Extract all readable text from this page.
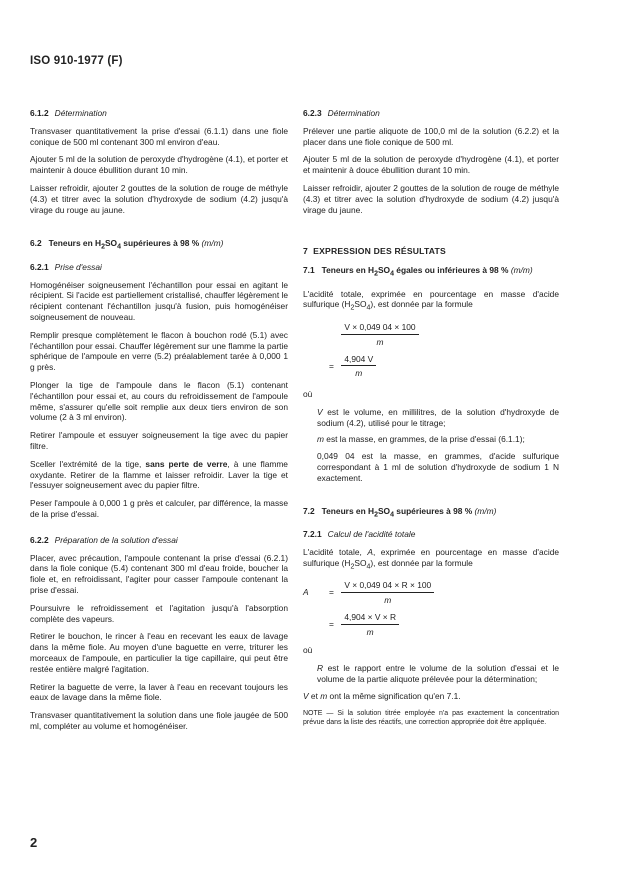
ISO 910-1977 (F)
6.1.2 Détermination

Transvaser quantitativement la prise d'essai (6.1.1) dans une fiole conique de 500 ml contenant 300 ml environ d'eau.

Ajouter 5 ml de la solution de peroxyde d'hydrogène (4.1), et porter et maintenir à douce ébullition durant 10 min.

Laisser refroidir, ajouter 2 gouttes de la solution de rouge de méthyle (4.3) et titrer avec la solution d'hydroxyde de sodium (4.2) jusqu'à virage du rouge au jaune.

6.2 Teneurs en $H_2SO_4$ supérieures à 98 % (m/m)
6.2.1 Prise d'essai

Homogénéiser soigneusement l'échantillon pour essai en agitant le récipient. Si l'acide est partiellement cristallisé, chauffer légèrement le récipient contenant l'échantillon jusqu'à fusion, puis homogénéiser soigneusement de nouveau.

Remplir presque complètement le flacon à bouchon rodé (5.1) avec l'échantillon pour essai. Chauffer légèrement sur une flamme la partie sphérique de l'ampoule en verre (5.2) préalablement tarée à 0,000 1 g près.

Plonger la tige de l'ampoule dans le flacon (5.1) contenant l'échantillon pour essai et, au cours du refroidissement de l'ampoule même, s'assurer qu'elle soit remplie aux deux tiers environ de son volume (2 à 3 ml environ).

Retirer l'ampoule et essuyer soigneusement la tige avec du papier filtre.

Sceller l'extrémité de la tige, sans perte de verre, à une flamme oxydante. Retirer de la flamme et laisser refroidir. Laver la tige et l'essuyer soigneusement avec du papier filtre.

Peser l'ampoule à 0,000 1 g près et calculer, par différence, la masse de la prise d'essai.

6.2.2 Préparation de la solution d'essai

Placer, avec précaution, l'ampoule contenant la prise d'essai (6.2.1) dans la fiole conique (5.4) contenant 300 ml d'eau froide, boucher la fiole et, en refroidissant, l'agiter pour casser l'ampoule contenant la prise d'essai.

Poursuivre le refroidissement et l'agitation jusqu'à l'absorption complète des vapeurs.

Retirer le bouchon, le rincer à l'eau en recevant les eaux de lavage dans la même fiole. Au moyen d'une baguette en verre, triturer les morceaux de l'ampoule, en particulier la tige capillaire, qui peut être restée entière malgré l'agitation.

Retirer la baguette de verre, la laver à l'eau en recevant toujours les eaux de lavage dans la même fiole.

Transvaser quantitativement la solution dans une fiole jaugée de 500 ml, compléter au volume et homogénéiser.

6.2.3 Détermination

Prélever une partie aliquote de 100,0 ml de la solution (6.2.2) et la placer dans une fiole conique de 500 ml.

Ajouter 5 ml de la solution de peroxyde d'hydrogène (4.1), et porter et maintenir à douce ébullition durant 10 min.

Laisser refroidir, ajouter 2 gouttes de la solution de rouge de méthyle (4.3) et titrer avec la solution d'hydroxyde de sodium (4.2) jusqu'à virage du jaune.

7 EXPRESSION DES RÉSULTATS
7.1 Teneurs en $H_2SO_4$ égales ou inférieures à 98 % (m/m)

L'acidité totale, exprimée en pourcentage en masse d'acide sulfurique $(H_2SO_4)$, est donnée par la formule

$\frac{V \times 0,049 04 \times 100}{m}$
= $\frac{4,904 V}{m}$

où

V est le volume, en millilitres, de la solution d'hydroxyde de sodium (4.2), utilisé pour le titrage;

m est la masse, en grammes, de la prise d'essai (6.1.1);

0,049 04 est la masse, en grammes, d'acide sulfurique correspondant à 1 ml de solution d'hydroxyde de sodium 1 N exactement.

7.2 Teneurs en $H_2SO_4$ supérieures à 98 % (m/m)
7.2.1 Calcul de l'acidité totale

L'acidité totale, A, exprimée en pourcentage en masse d'acide sulfurique $(H_2SO_4)$, est donnée par la formule

$A = \frac{V \times 0,049 04 \times R \times 100}{m}$
= $\frac{4,904 \times V \times R}{m}$

où

R est le rapport entre le volume de la solution d'essai et le volume de la partie aliquote prélevée pour la détermination;

V et m ont la même signification qu'en 7.1.

NOTE — Si la solution titrée employée n'a pas exactement la concentration prévue dans la liste des réactifs, une correction appropriée doit être appliquée.

2
